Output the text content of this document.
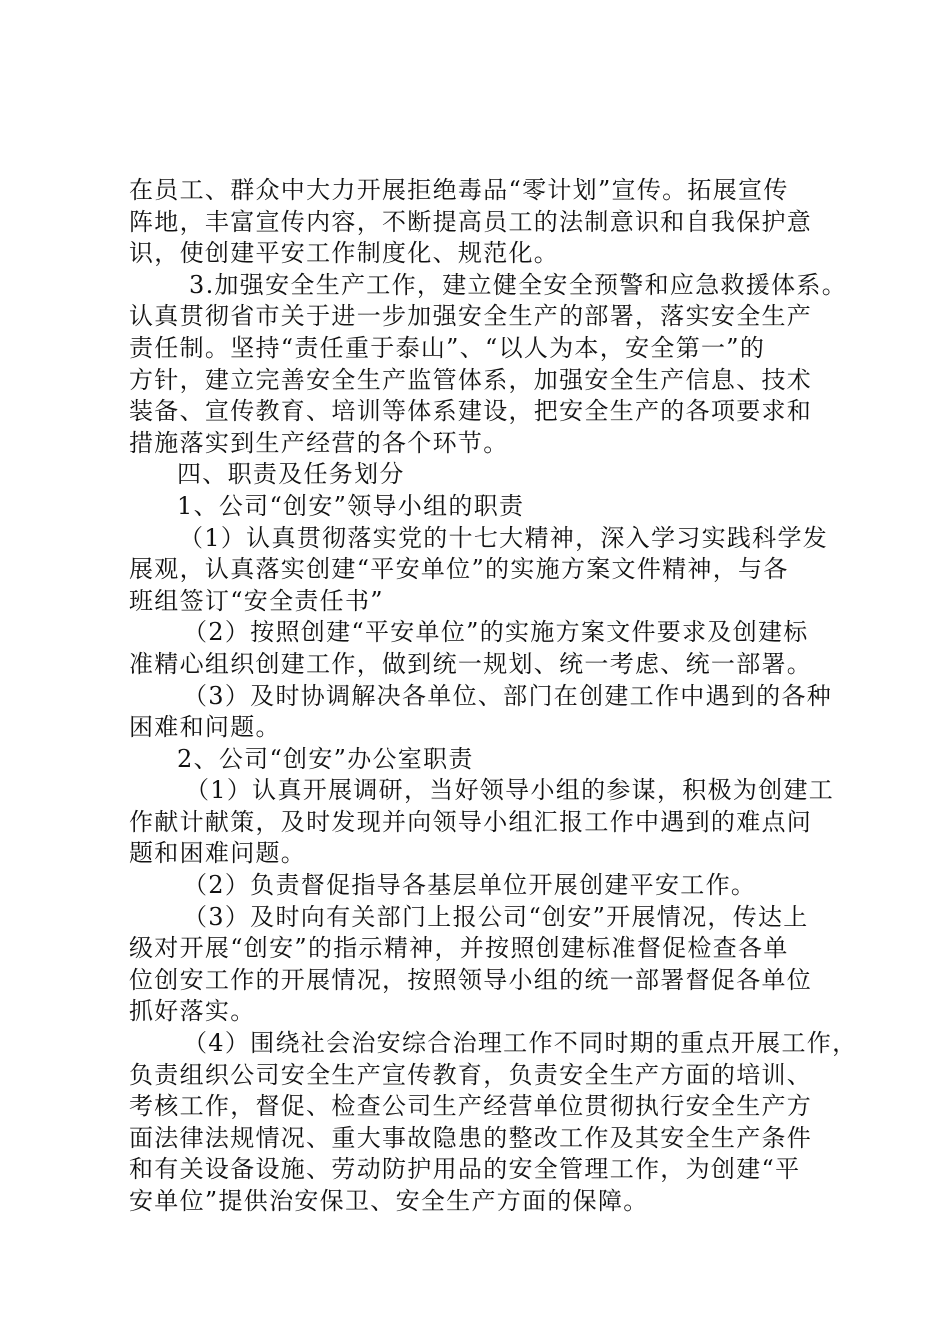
在员工、群众中大力开展拒绝毒品“零计划”宣传。拓展宣传
阵地，丰富宣传内容，不断提高员工的法制意识和自我保护意
识，使创建平安工作制度化、规范化。
3.加强安全生产工作，建立健全安全预警和应急救援体系。
认真贯彻省市关于进一步加强安全生产的部署，落实安全生产
责任制。坚持“责任重于泰山”、“以人为本，安全第一”的
方针，建立完善安全生产监管体系，加强安全生产信息、技术
装备、宣传教育、培训等体系建设，把安全生产的各项要求和
措施落实到生产经营的各个环节。
四、职责及任务划分
1、公司“创安”领导小组的职责
（1）认真贯彻落实党的十七大精神，深入学习实践科学发
展观，认真落实创建“平安单位”的实施方案文件精神，与各
班组签订“安全责任书”
（2）按照创建“平安单位”的实施方案文件要求及创建标
准精心组织创建工作，做到统一规划、统一考虑、统一部署。
（3）及时协调解决各单位、部门在创建工作中遇到的各种
困难和问题。
2、公司“创安”办公室职责
（1）认真开展调研，当好领导小组的参谋，积极为创建工
作献计献策，及时发现并向领导小组汇报工作中遇到的难点问
题和困难问题。
（2）负责督促指导各基层单位开展创建平安工作。
（3）及时向有关部门上报公司“创安”开展情况，传达上
级对开展“创安”的指示精神，并按照创建标准督促检查各单
位创安工作的开展情况，按照领导小组的统一部署督促各单位
抓好落实。
（4）围绕社会治安综合治理工作不同时期的重点开展工作，
负责组织公司安全生产宣传教育，负责安全生产方面的培训、
考核工作，督促、检查公司生产经营单位贯彻执行安全生产方
面法律法规情况、重大事故隐患的整改工作及其安全生产条件
和有关设备设施、劳动防护用品的安全管理工作，为创建“平
安单位”提供治安保卫、安全生产方面的保障。
